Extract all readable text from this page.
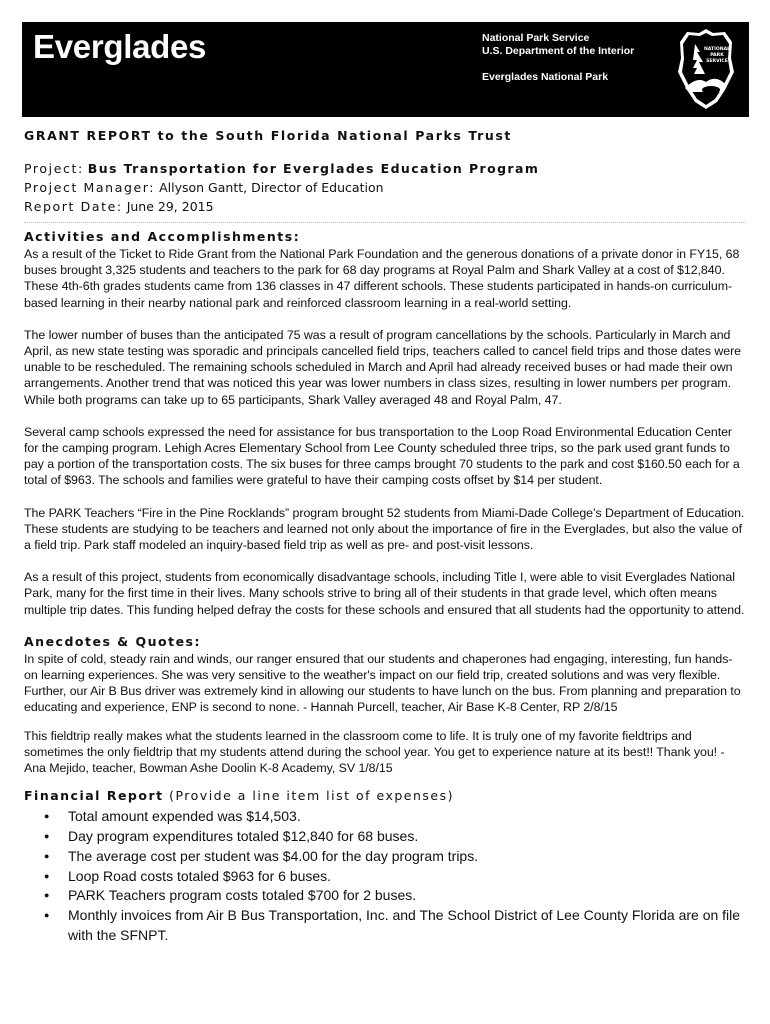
Everglades	National Park Service
U.S. Department of the Interior
Everglades National Park
NATIONAL
PARK
SERVICE
GRANT REPORT to the South Florida National Parks Trust
Project: Bus Transportation for Everglades Education Program
Project Manager: Allyson Gantt, Director of Education
Report Date: June 29, 2015
Activities and Accomplishments:

As a result of the Ticket to Ride Grant from the National Park Foundation and the generous donations of a private donor in FY15, 68 buses brought 3,325 students and teachers to the park for 68 day programs at Royal Palm and Shark Valley at a cost of $12,840. These 4th-6th grades students came from 136 classes in 47 different schools. These students participated in hands-on curriculum-based learning in their nearby national park and reinforced classroom learning in a real-world setting.

The lower number of buses than the anticipated 75 was a result of program cancellations by the schools. Particularly in March and April, as new state testing was sporadic and principals cancelled field trips, teachers called to cancel field trips and those dates were unable to be rescheduled. The remaining schools scheduled in March and April had already received buses or had made their own arrangements. Another trend that was noticed this year was lower numbers in class sizes, resulting in lower numbers per program. While both programs can take up to 65 participants, Shark Valley averaged 48 and Royal Palm, 47.

Several camp schools expressed the need for assistance for bus transportation to the Loop Road Environmental Education Center for the camping program. Lehigh Acres Elementary School from Lee County scheduled three trips, so the park used grant funds to pay a portion of the transportation costs. The six buses for three camps brought 70 students to the park and cost $160.50 each for a total of $963. The schools and families were grateful to have their camping costs offset by $14 per student.

The PARK Teachers “Fire in the Pine Rocklands” program brought 52 students from Miami-Dade College’s Department of Education. These students are studying to be teachers and learned not only about the importance of fire in the Everglades, but also the value of a field trip. Park staff modeled an inquiry-based field trip as well as pre- and post-visit lessons.

As a result of this project, students from economically disadvantage schools, including Title I, were able to visit Everglades National Park, many for the first time in their lives. Many schools strive to bring all of their students in that grade level, which often means multiple trip dates. This funding helped defray the costs for these schools and ensured that all students had the opportunity to attend.

Anecdotes & Quotes:

In spite of cold, steady rain and winds, our ranger ensured that our students and chaperones had engaging, interesting, fun hands-on learning experiences. She was very sensitive to the weather's impact on our field trip, created solutions and was very flexible. Further, our Air B Bus driver was extremely kind in allowing our students to have lunch on the bus. From planning and preparation to educating and experience, ENP is second to none. - Hannah Purcell, teacher, Air Base K-8 Center, RP 2/8/15

This fieldtrip really makes what the students learned in the classroom come to life. It is truly one of my favorite fieldtrips and sometimes the only fieldtrip that my students attend during the school year. You get to experience nature at its best!! Thank you! - Ana Mejido, teacher, Bowman Ashe Doolin K-8 Academy, SV 1/8/15

Financial Report (Provide a line item list of expenses)
● Total amount expended was $14,503.
● Day program expenditures totaled $12,840 for 68 buses.
● The average cost per student was $4.00 for the day program trips.
● Loop Road costs totaled $963 for 6 buses.
● PARK Teachers program costs totaled $700 for 2 buses.
● Monthly invoices from Air B Bus Transportation, Inc. and The School District of Lee County Florida are on file with the SFNPT.
